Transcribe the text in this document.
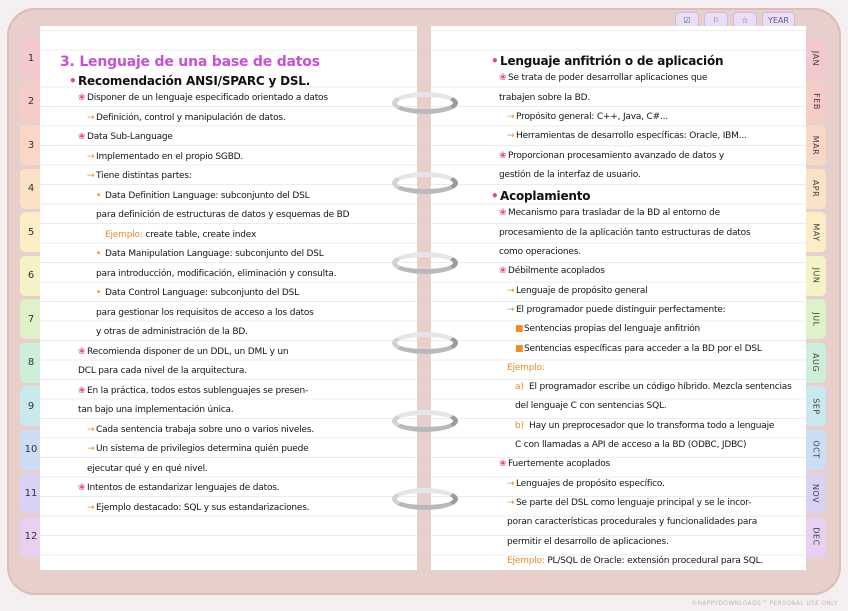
☑	⚐	☆	YEAR
1
2
3
4
5
6
7
8
9
10
11
12
JAN
FEB
MAR
APR
MAY
JUN
JUL
AUG
SEP
OCT
NOV
DEC
3. Lenguaje de una base de datos
• Recomendación ANSI/SPARC y DSL.
❀ Disponer de un lenguaje especificado orientado a datos
→ Definición, control y manipulación de datos.
❀ Data Sub-Language
→ Implementado en el propio SGBD.
→ Tiene distintas partes:
• Data Definition Language: subconjunto del DSL
para definición de estructuras de datos y esquemas de BD
Ejemplo: create table, create index
• Data Manipulation Language: subconjunto del DSL
para introducción, modificación, eliminación y consulta.
• Data Control Language: subconjunto del DSL
para gestionar los requisitos de acceso a los datos
y otras de administración de la BD.
❀ Recomienda disponer de un DDL, un DML y un
DCL para cada nivel de la arquitectura.
❀ En la práctica, todos estos sublenguajes se presen-
tan bajo una implementación única.
→ Cada sentencia trabaja sobre uno o varios niveles.
→ Un sistema de privilegios determina quién puede
ejecutar qué y en qué nivel.
❀ Intentos de estandarizar lenguajes de datos.
→ Ejemplo destacado: SQL y sus estandarizaciones.
• Lenguaje anfitrión o de aplicación
❀ Se trata de poder desarrollar aplicaciones que
trabajen sobre la BD.
→ Propósito general: C++, Java, C#...
→ Herramientas de desarrollo específicas: Oracle, IBM...
❀ Proporcionan procesamiento avanzado de datos y
gestión de la interfaz de usuario.
• Acoplamiento
❀ Mecanismo para trasladar de la BD al entorno de
procesamiento de la aplicación tanto estructuras de datos
como operaciones.
❀ Débilmente acoplados
→ Lenguaje de propósito general
→ El programador puede distinguir perfectamente:
■Sentencias propias del lenguaje anfitrión
■Sentencias específicas para acceder a la BD por el DSL
Ejemplo:
a) El programador escribe un código híbrido. Mezcla sentencias
del lenguaje C con sentencias SQL.
b) Hay un preprocesador que lo transforma todo a lenguaje
C con llamadas a API de acceso a la BD (ODBC, JDBC)
❀ Fuertemente acoplados
→ Lenguajes de propósito específico.
→ Se parte del DSL como lenguaje principal y se le incor-
poran características procedurales y funcionalidades para
permitir el desarrollo de aplicaciones.
Ejemplo: PL/SQL de Oracle: extensión procedural para SQL.
©HAPPYDOWNLOADS™ PERSONAL USE ONLY
